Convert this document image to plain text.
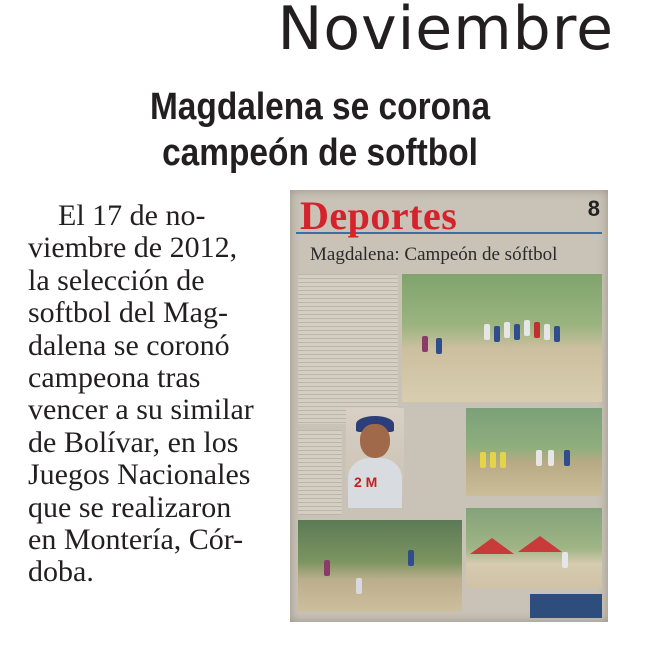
Noviembre
Magdalena se corona
campeón de softbol
El 17 de no-
viembre de 2012,
la selección de
softbol del Mag-
dalena se coronó
campeona tras
vencer a su similar
de Bolívar, en los
Juegos Nacionales
que se realizaron
en Montería, Cór-
doba.
Deportes	8
Magdalena: Campeón de sóftbol
2 M
